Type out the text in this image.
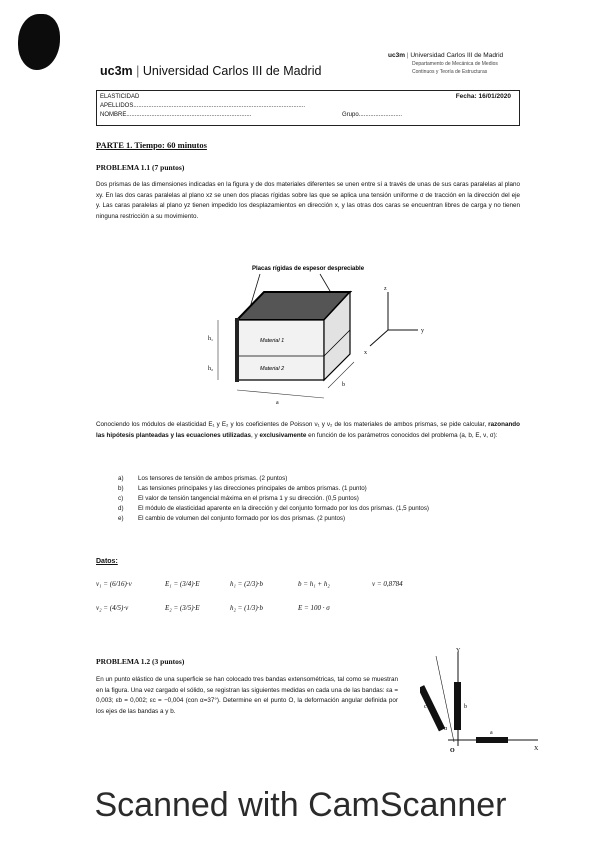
uc3m | Universidad Carlos III de Madrid
uc3m | Universidad Carlos III de Madrid
Departamento de Mecánica de Medios
Continuos y Teoría de Estructuras
ELASTICIDAD
APELLIDOS.......................................................................................................
NOMBRE...........................................................................
Fecha: 16/01/2020
Grupo..........................
PARTE 1. Tiempo: 60 minutos
PROBLEMA 1.1 (7 puntos)
Dos prismas de las dimensiones indicadas en la figura y de dos materiales diferentes se unen entre sí a través de unas de sus caras paralelas al plano xy. En las dos caras paralelas al plano xz se unen dos placas rígidas sobre las que se aplica una tensión uniforme σ de tracción en la dirección del eje y. Las caras paralelas al plano yz tienen impedido los desplazamientos en dirección x, y las otras dos caras se encuentran libres de carga y no tienen ninguna restricción a su movimiento.
Placas rígidas de espesor despreciable
Material 1
Material 2
h₁
h₂
a
b
z
y
x
Conociendo los módulos de elasticidad E₁ y E₂ y los coeficientes de Poisson ν₁ y ν₂ de los materiales de ambos prismas, se pide calcular, razonando las hipótesis planteadas y las ecuaciones utilizadas, y exclusivamente en función de los parámetros conocidos del problema (a, b, E, ν, σ):
a)	Los tensores de tensión de ambos prismas. (2 puntos)
b)	Las tensiones principales y las direcciones principales de ambos prismas. (1 punto)
c)	El valor de tensión tangencial máxima en el prisma 1 y su dirección. (0,5 puntos)
d)	El módulo de elasticidad aparente en la dirección y del conjunto formado por los dos prismas. (1,5 puntos)
e)	El cambio de volumen del conjunto formado por los dos prismas. (2 puntos)
Datos:
ν₁ = (6/16)·ν	E₁ = (3/4)·E	h₁ = (2/3)·b	b = h₁ + h₂	ν = 0,8784
ν₂ = (4/5)·ν	E₂ = (3/5)·E	h₂ = (1/3)·b	E = 100 · σ
PROBLEMA 1.2 (3 puntos)
En un punto elástico de una superficie se han colocado tres bandas extensométricas, tal como se muestran en la figura. Una vez cargado el sólido, se registran las siguientes medidas en cada una de las bandas: εa = 0,003; εb = 0,002; εc = −0,004 (con α=37°). Determine en el punto O, la deformación angular definida por los ejes de las bandas a y b.
Y
X
O
b
a
c
α
Scanned with CamScanner
